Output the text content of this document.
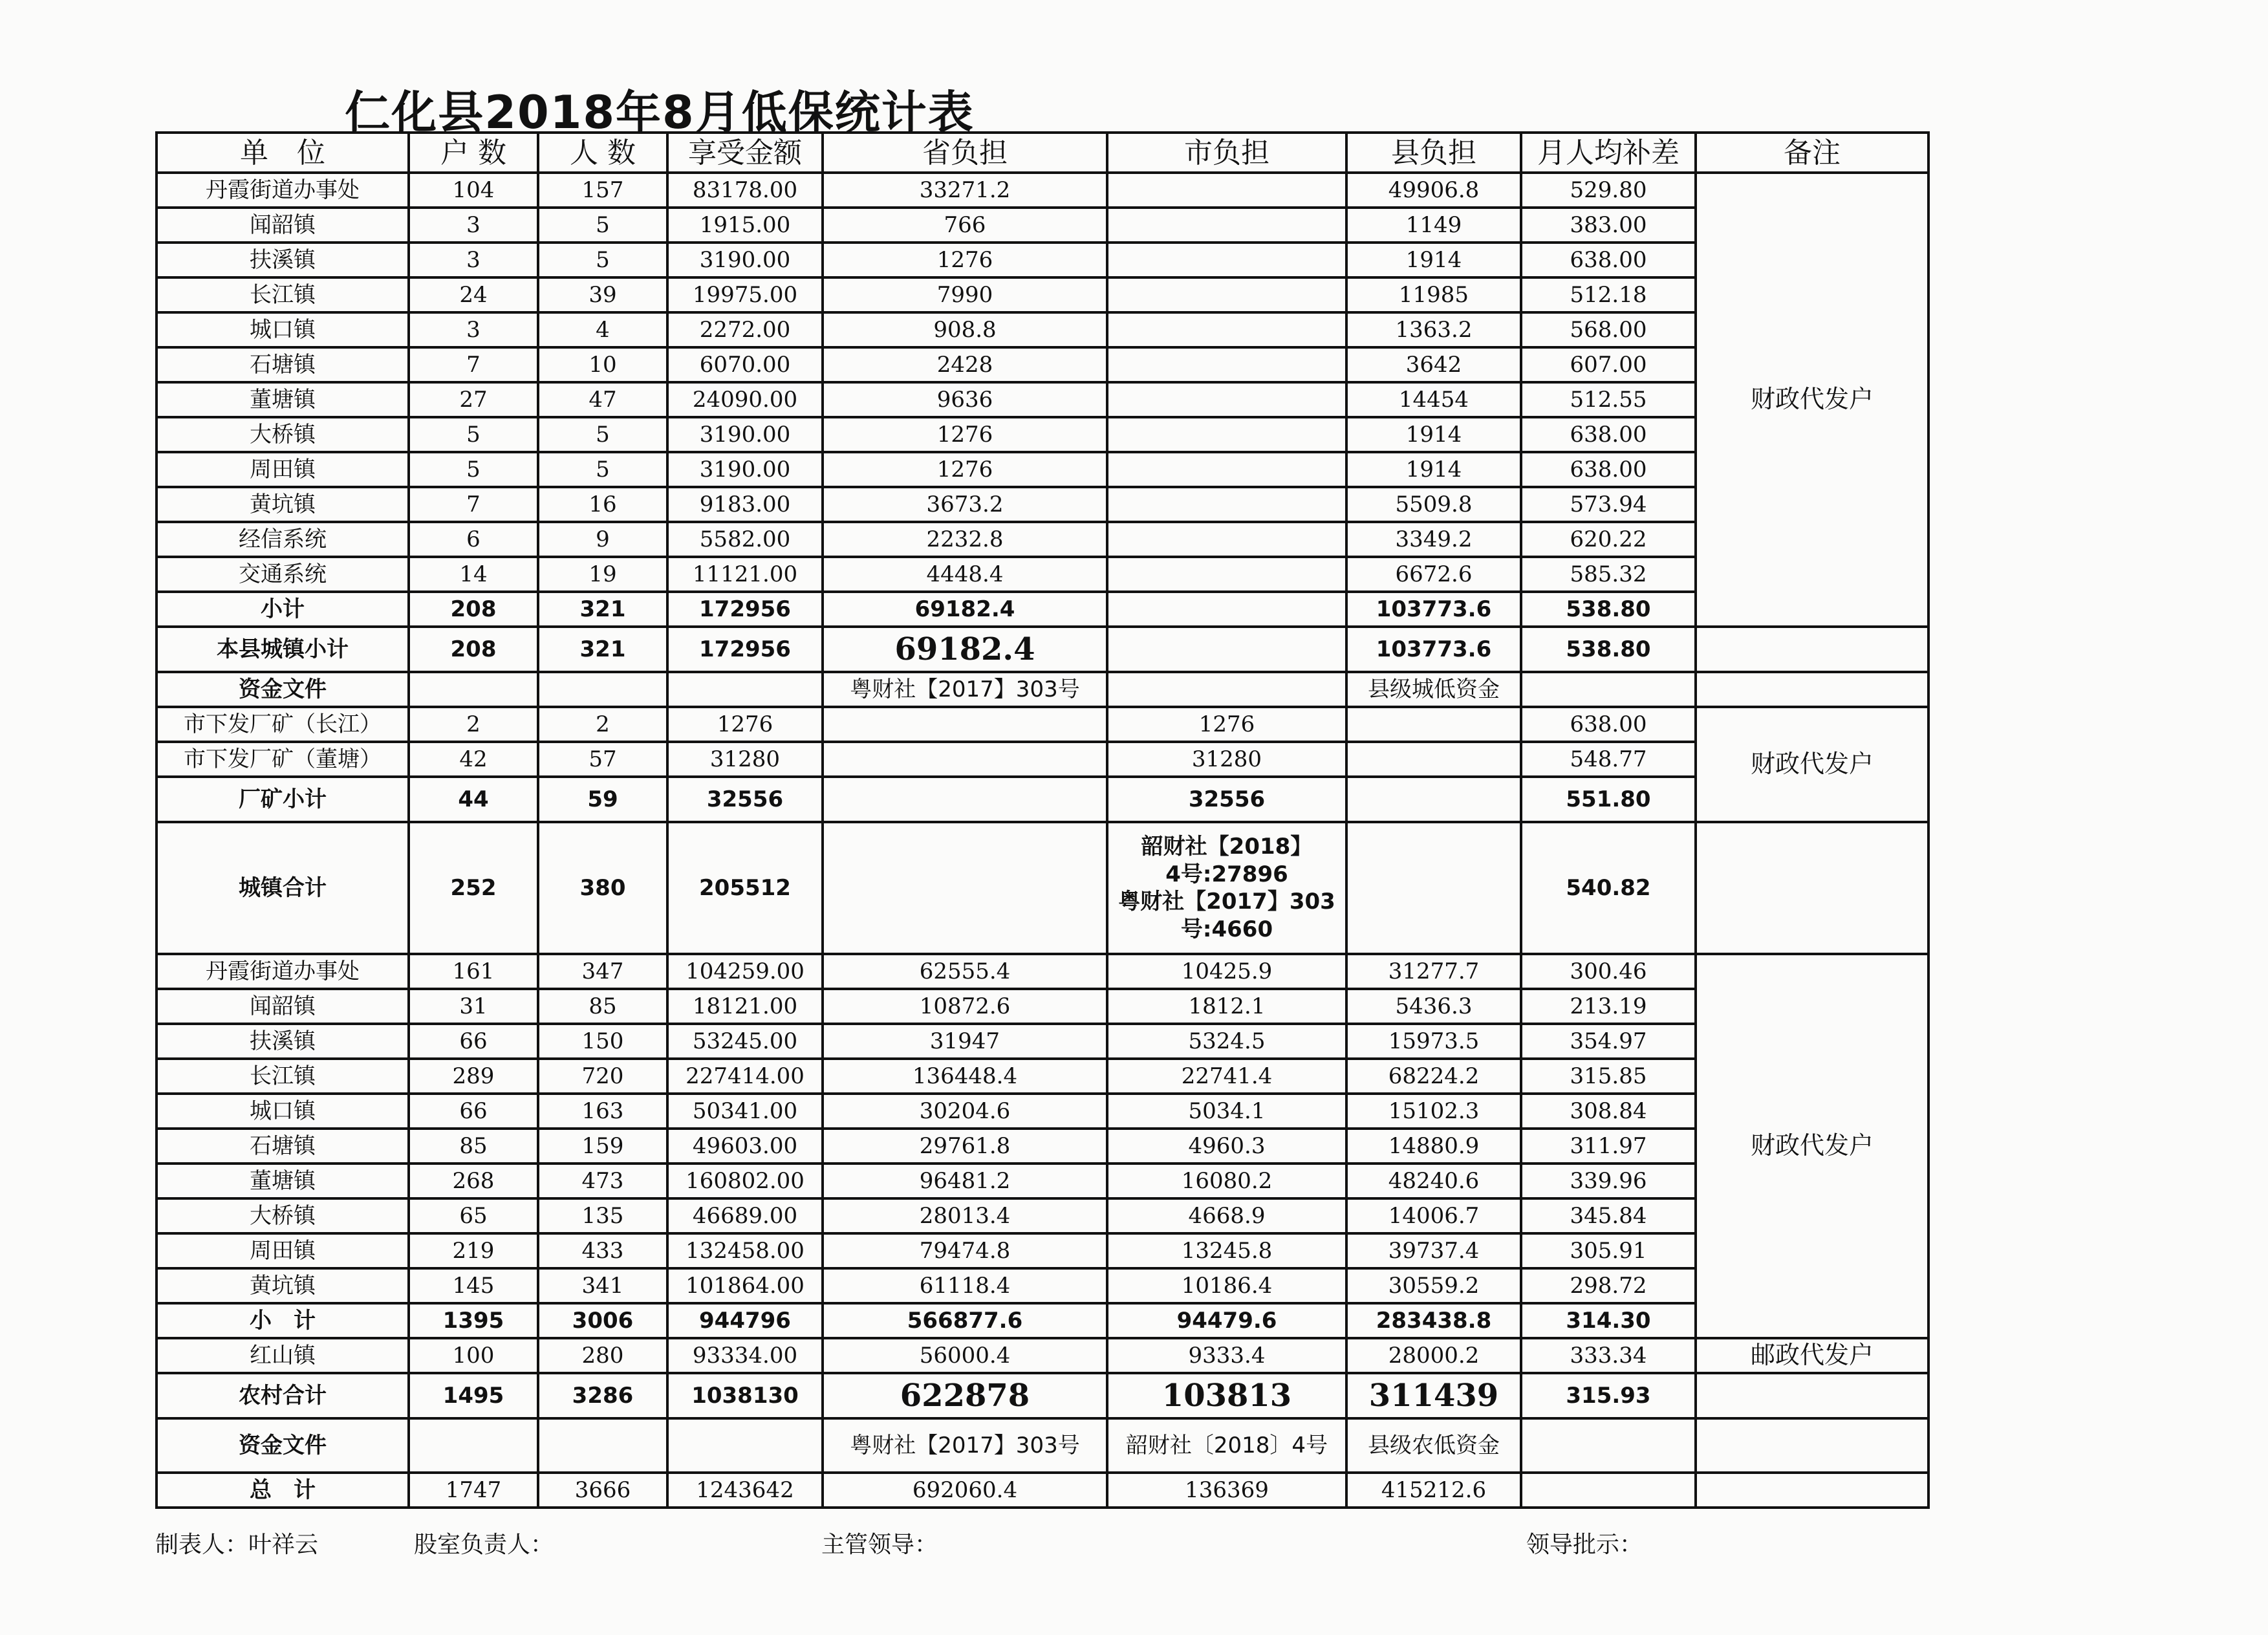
仁化县2018年8月低保统计表
单　位	户 数	人 数	享受金额	省负担	市负担	县负担	月人均补差	备注
丹霞街道办事处	104	157	83178.00	33271.2		49906.8	529.80	财政代发户
闻韶镇	3	5	1915.00	766		1149	383.00	
扶溪镇	3	5	3190.00	1276		1914	638.00	
长江镇	24	39	19975.00	7990		11985	512.18	
城口镇	3	4	2272.00	908.8		1363.2	568.00	
石塘镇	7	10	6070.00	2428		3642	607.00	
董塘镇	27	47	24090.00	9636		14454	512.55	
大桥镇	5	5	3190.00	1276		1914	638.00	
周田镇	5	5	3190.00	1276		1914	638.00	
黄坑镇	7	16	9183.00	3673.2		5509.8	573.94	
经信系统	6	9	5582.00	2232.8		3349.2	620.22	
交通系统	14	19	11121.00	4448.4		6672.6	585.32	
小计	208	321	172956	69182.4		103773.6	538.80	
本县城镇小计	208	321	172956	69182.4		103773.6	538.80	
资金文件				粤财社【2017】303号		县级城低资金		
市下发厂矿（长江）	2	2	1276		1276		638.00	财政代发户
市下发厂矿（董塘）	42	57	31280		31280		548.77	
厂矿小计	44	59	32556		32556		551.80	
城镇合计	252	380	205512		韶财社【2018】
4号:27896
粤财社【2017】303
号:4660		540.82	
丹霞街道办事处	161	347	104259.00	62555.4	10425.9	31277.7	300.46	财政代发户
闻韶镇	31	85	18121.00	10872.6	1812.1	5436.3	213.19	
扶溪镇	66	150	53245.00	31947	5324.5	15973.5	354.97	
长江镇	289	720	227414.00	136448.4	22741.4	68224.2	315.85	
城口镇	66	163	50341.00	30204.6	5034.1	15102.3	308.84	
石塘镇	85	159	49603.00	29761.8	4960.3	14880.9	311.97	
董塘镇	268	473	160802.00	96481.2	16080.2	48240.6	339.96	
大桥镇	65	135	46689.00	28013.4	4668.9	14006.7	345.84	
周田镇	219	433	132458.00	79474.8	13245.8	39737.4	305.91	
黄坑镇	145	341	101864.00	61118.4	10186.4	30559.2	298.72	
小　计	1395	3006	944796	566877.6	94479.6	283438.8	314.30	
红山镇	100	280	93334.00	56000.4	9333.4	28000.2	333.34	邮政代发户
农村合计	1495	3286	1038130	622878	103813	311439	315.93	
资金文件				粤财社【2017】303号	韶财社〔2018〕4号	县级农低资金		
总　计	1747	3666	1243642	692060.4	136369	415212.6		
制表人：叶祥云	股室负责人：	主管领导：	领导批示：
